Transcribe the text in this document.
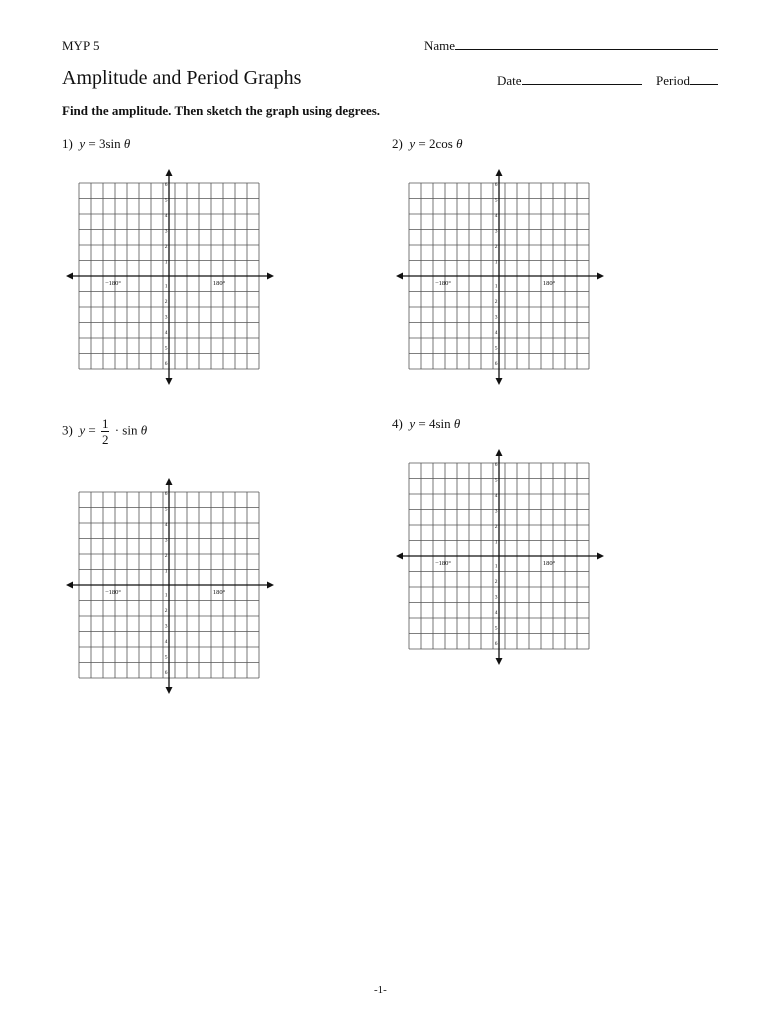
MYP 5	Name
Amplitude and Period Graphs	Date	Period
Find the amplitude. Then sketch the graph using degrees.
1) y = 3sin θ	2) y = 2cos θ
3) $y = \frac{1}{2} \cdot \sin \theta$	4) y = 4sin θ
−180°	180°
6
5
4
3
2
1
1
2
3
4
5
6
−180°	180°
6
5
4
3
2
1
1
2
3
4
5
6
−180°	180°
6
5
4
3
2
1
1
2
3
4
5
6
−180°	180°
6
5
4
3
2
1
1
2
3
4
5
6
-1-
